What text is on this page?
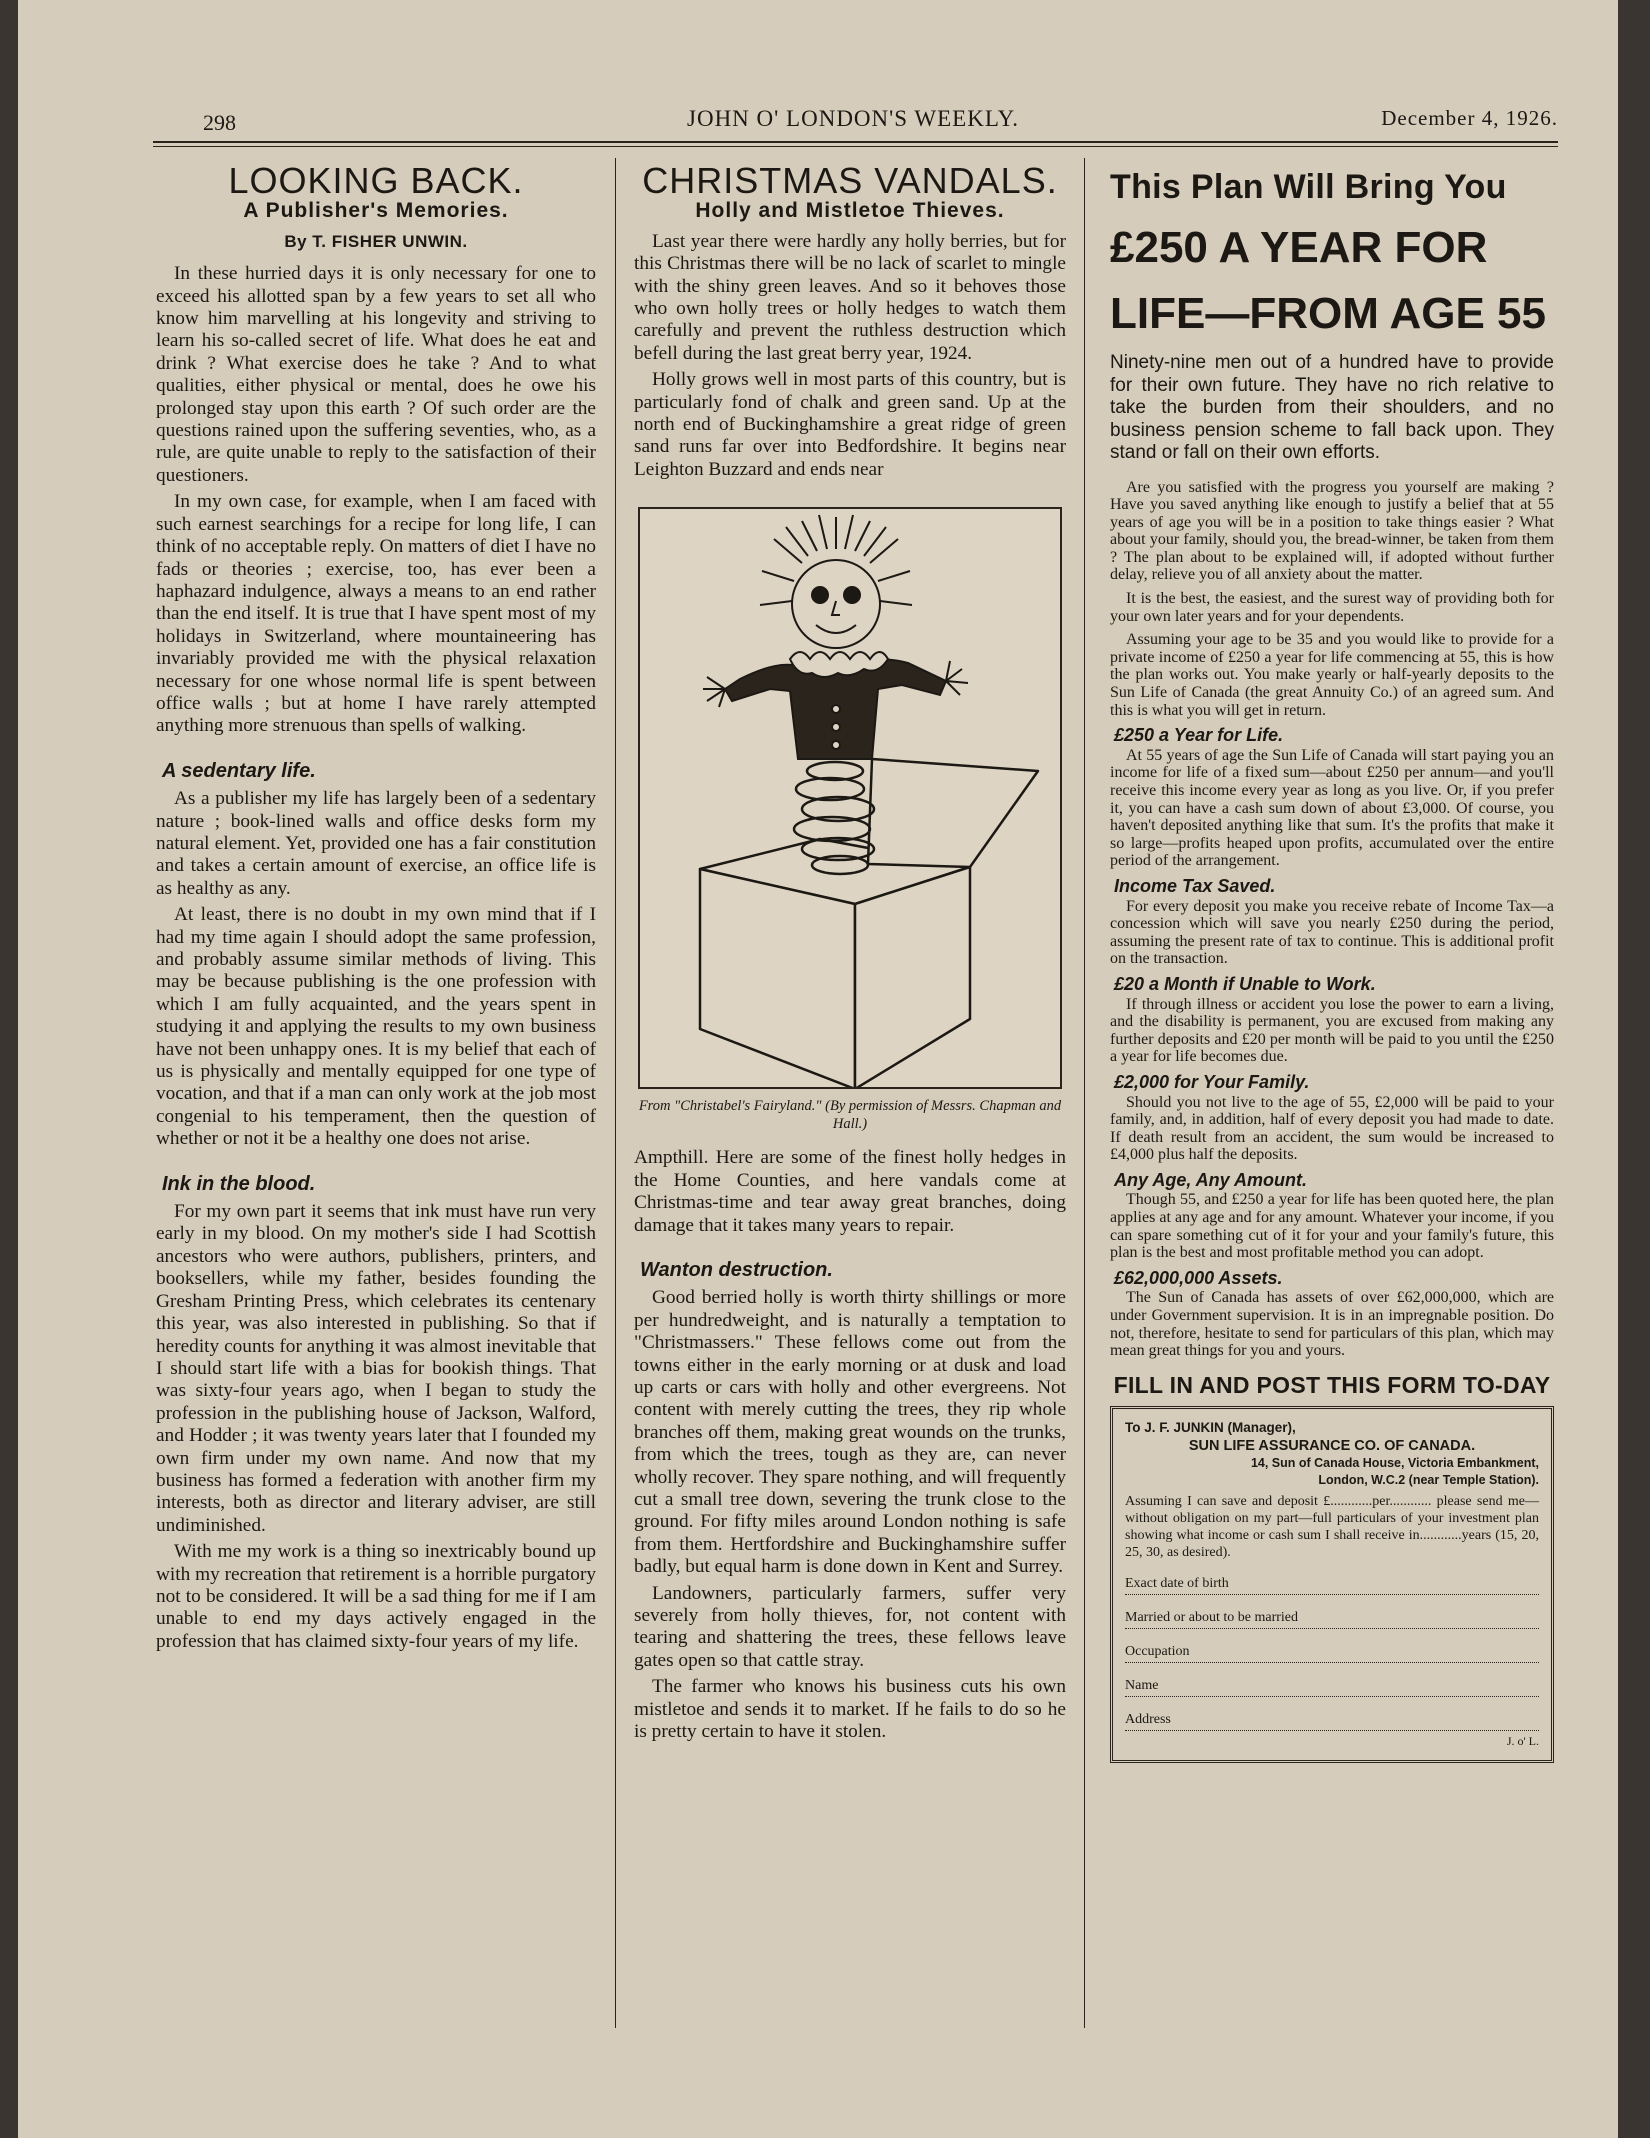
298	JOHN O' LONDON'S WEEKLY.	December 4, 1926.
LOOKING BACK.
A Publisher's Memories.
By T. FISHER UNWIN.

In these hurried days it is only necessary for one to exceed his allotted span by a few years to set all who know him marvelling at his longevity and striving to learn his so-called secret of life. What does he eat and drink ? What exercise does he take ? And to what qualities, either physical or mental, does he owe his prolonged stay upon this earth ? Of such order are the questions rained upon the suffering seventies, who, as a rule, are quite unable to reply to the satisfaction of their questioners.

In my own case, for example, when I am faced with such earnest searchings for a recipe for long life, I can think of no acceptable reply. On matters of diet I have no fads or theories ; exercise, too, has ever been a haphazard indulgence, always a means to an end rather than the end itself. It is true that I have spent most of my holidays in Switzerland, where mountaineering has invariably provided me with the physical relaxation necessary for one whose normal life is spent between office walls ; but at home I have rarely attempted anything more strenuous than spells of walking.

A sedentary life.

As a publisher my life has largely been of a sedentary nature ; book-lined walls and office desks form my natural element. Yet, provided one has a fair constitution and takes a certain amount of exercise, an office life is as healthy as any.

At least, there is no doubt in my own mind that if I had my time again I should adopt the same profession, and probably assume similar methods of living. This may be because publishing is the one profession with which I am fully acquainted, and the years spent in studying it and applying the results to my own business have not been unhappy ones. It is my belief that each of us is physically and mentally equipped for one type of vocation, and that if a man can only work at the job most congenial to his temperament, then the question of whether or not it be a healthy one does not arise.

Ink in the blood.

For my own part it seems that ink must have run very early in my blood. On my mother's side I had Scottish ancestors who were authors, publishers, printers, and booksellers, while my father, besides founding the Gresham Printing Press, which celebrates its centenary this year, was also interested in publishing. So that if heredity counts for anything it was almost inevitable that I should start life with a bias for bookish things. That was sixty-four years ago, when I began to study the profession in the publishing house of Jackson, Walford, and Hodder ; it was twenty years later that I founded my own firm under my own name. And now that my business has formed a federation with another firm my interests, both as director and literary adviser, are still undiminished.

With me my work is a thing so inextricably bound up with my recreation that retirement is a horrible purgatory not to be considered. It will be a sad thing for me if I am unable to end my days actively engaged in the profession that has claimed sixty-four years of my life.

CHRISTMAS VANDALS.
Holly and Mistletoe Thieves.

Last year there were hardly any holly berries, but for this Christmas there will be no lack of scarlet to mingle with the shiny green leaves. And so it behoves those who own holly trees or holly hedges to watch them carefully and prevent the ruthless destruction which befell during the last great berry year, 1924.

Holly grows well in most parts of this country, but is particularly fond of chalk and green sand. Up at the north end of Buckinghamshire a great ridge of green sand runs far over into Bedfordshire. It begins near Leighton Buzzard and ends near

From "Christabel's Fairyland." (By permission of Messrs. Chapman and Hall.)

Ampthill. Here are some of the finest holly hedges in the Home Counties, and here vandals come at Christmas-time and tear away great branches, doing damage that it takes many years to repair.

Wanton destruction.

Good berried holly is worth thirty shillings or more per hundredweight, and is naturally a temptation to "Christmassers." These fellows come out from the towns either in the early morning or at dusk and load up carts or cars with holly and other evergreens. Not content with merely cutting the trees, they rip whole branches off them, making great wounds on the trunks, from which the trees, tough as they are, can never wholly recover. They spare nothing, and will frequently cut a small tree down, severing the trunk close to the ground. For fifty miles around London nothing is safe from them. Hertfordshire and Buckinghamshire suffer badly, but equal harm is done down in Kent and Surrey.

Landowners, particularly farmers, suffer very severely from holly thieves, for, not content with tearing and shattering the trees, these fellows leave gates open so that cattle stray.

The farmer who knows his business cuts his own mistletoe and sends it to market. If he fails to do so he is pretty certain to have it stolen.

This Plan Will Bring You
£250 A YEAR FOR
LIFE—FROM AGE 55
Ninety-nine men out of a hundred have to provide for their own future. They have no rich relative to take the burden from their shoulders, and no business pension scheme to fall back upon. They stand or fall on their own efforts.

Are you satisfied with the progress you yourself are making ? Have you saved anything like enough to justify a belief that at 55 years of age you will be in a position to take things easier ? What about your family, should you, the bread-winner, be taken from them ? The plan about to be explained will, if adopted without further delay, relieve you of all anxiety about the matter.

It is the best, the easiest, and the surest way of providing both for your own later years and for your dependents.

Assuming your age to be 35 and you would like to provide for a private income of £250 a year for life commencing at 55, this is how the plan works out. You make yearly or half-yearly deposits to the Sun Life of Canada (the great Annuity Co.) of an agreed sum. And this is what you will get in return.

£250 a Year for Life.

At 55 years of age the Sun Life of Canada will start paying you an income for life of a fixed sum—about £250 per annum—and you'll receive this income every year as long as you live. Or, if you prefer it, you can have a cash sum down of about £3,000. Of course, you haven't deposited anything like that sum. It's the profits that make it so large—profits heaped upon profits, accumulated over the entire period of the arrangement.

Income Tax Saved.

For every deposit you make you receive rebate of Income Tax—a concession which will save you nearly £250 during the period, assuming the present rate of tax to continue. This is additional profit on the transaction.

£20 a Month if Unable to Work.

If through illness or accident you lose the power to earn a living, and the disability is permanent, you are excused from making any further deposits and £20 per month will be paid to you until the £250 a year for life becomes due.

£2,000 for Your Family.

Should you not live to the age of 55, £2,000 will be paid to your family, and, in addition, half of every deposit you had made to date. If death result from an accident, the sum would be increased to £4,000 plus half the deposits.

Any Age, Any Amount.

Though 55, and £250 a year for life has been quoted here, the plan applies at any age and for any amount. Whatever your income, if you can spare something cut of it for your and your family's future, this plan is the best and most profitable method you can adopt.

£62,000,000 Assets.

The Sun of Canada has assets of over £62,000,000, which are under Government supervision. It is in an impregnable position. Do not, therefore, hesitate to send for particulars of this plan, which may mean great things for you and yours.

FILL IN AND POST THIS FORM TO-DAY
To J. F. JUNKIN (Manager),
SUN LIFE ASSURANCE CO. OF CANADA.
14, Sun of Canada House, Victoria Embankment,
London, W.C.2 (near Temple Station).
Assuming I can save and deposit £............per............ please send me—without obligation on my part—full particulars of your investment plan showing what income or cash sum I shall receive in............years (15, 20, 25, 30, as desired).
Exact date of birth
Married or about to be married
Occupation
Name
Address
J. o' L.
